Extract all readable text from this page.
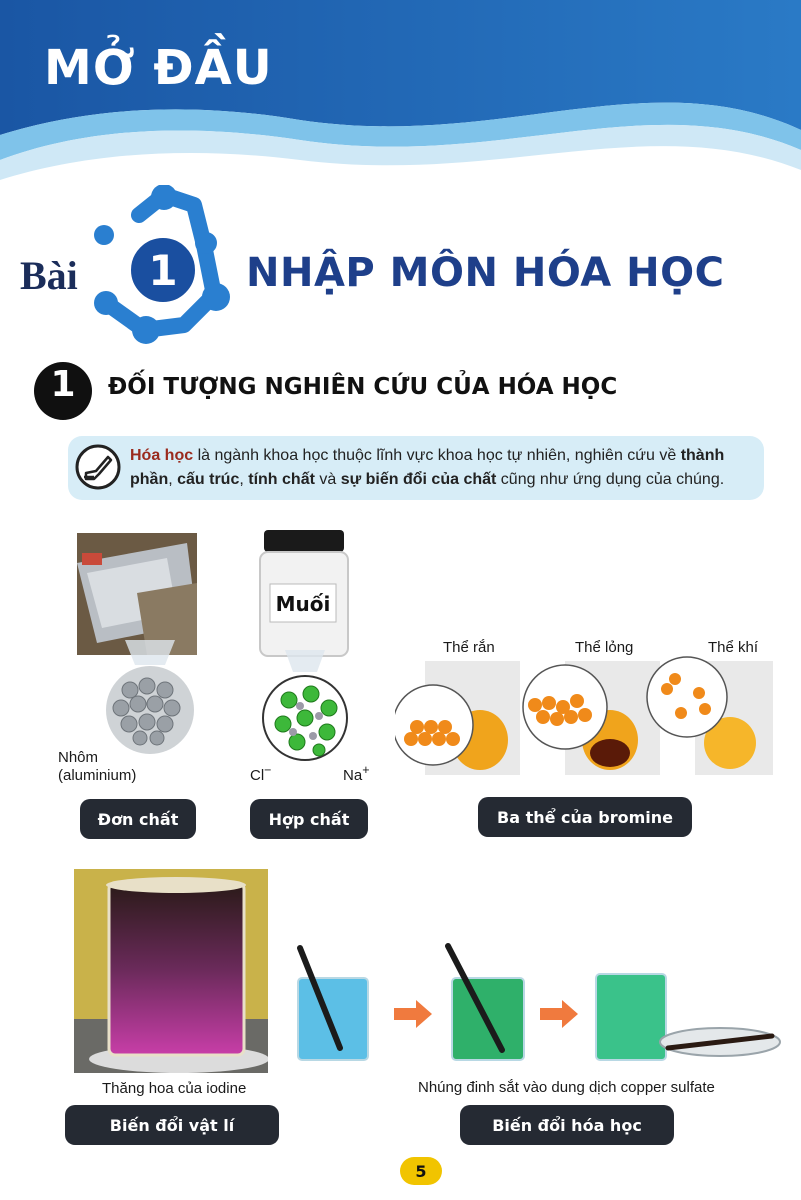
MỞ ĐẦU
Bài 1 NHẬP MÔN HÓA HỌC
1	ĐỐI TƯỢNG NGHIÊN CỨU CỦA HÓA HỌC
Hóa học là ngành khoa học thuộc lĩnh vực khoa học tự nhiên, nghiên cứu về thành phần, cấu trúc, tính chất và sự biến đổi của chất cũng như ứng dụng của chúng.
Nhôm
(aluminium)
Muối
Cl−	Na+
Thể rắn	Thể lỏng	Thể khí
Đơn chất	Hợp chất	Ba thể của bromine
Thăng hoa của iodine	Nhúng đinh sắt vào dung dịch copper sulfate
Biến đổi vật lí	Biến đổi hóa học
5
